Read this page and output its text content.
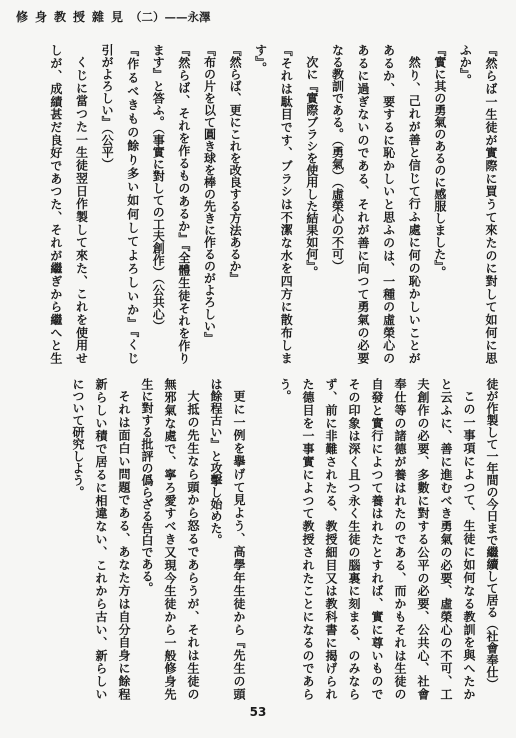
修身教授雜見（二）——永澤
『然らば一生徒が實際に買うて來たのに對して如何に思
ふか』。
『實に其の勇氣のあるのに感服しました』。
然り、己れが善と信じて行ふ處に何の恥かしいことが
あるか、要するに恥かしいと思ふのは、一種の虛榮心の
あるに過ぎないのである、それが善に向つて勇氣の必要
なる教訓である。（勇氣）（虛榮心の不可）
次に『實際ブラシを使用した結果如何』。
『それは駄目です、ブラシは不潔な水を四方に散布しま
す』。
『然らば、更にこれを改良する方法あるか』
『布の片を以て圓き球を棒の先きに作るのがよろしい』
『然らば、それを作るものあるか』『全體生徒それを作り
ます』と答ふ。（事實に對しての工夫創作）（公共心）
『作るべきもの餘り多い如何してよろしいか』『くじ
引がよろしい』（公平）
くじに當つた一生徒翌日作製して來た、これを使用せ
しが、成績甚だ良好であつた、それが繼ぎから繼へと生
徒が作製して一年間の今日まで繼續して居る（社會奉仕）
この一事項によつて、生徒に如何なる教訓を與へたか
と云ふに、善に進むべき勇氣の必要、虛榮心の不可、工
夫創作の必要、多數に對する公平の必要、公共心、社會
奉仕等の諸德が養はれたのである、而かもそれは生徒の
自發と實行によつて養はれたとすれば、實に尊いもので
その印象は深く且つ永く生徒の腦裏に刻まる、のみなら
ず、前に非難されたる、教授細目又は教科書に揭げられ
た德目を一事實によつて教授されたことになるのであら
う。
更に一例を擧げて見よう、高學年生徒から『先生の頭
は餘程古い』と攻擊し始めた。
大抵の先生なら頭から怒るであらうが、それは生徒の
無邪氣な處で、寧ろ愛すべき又現今生徒から一般修身先
生に對する批評の僞らざる告白である。
それは面白い問題である、あなた方は自分自身に餘程
新らしい積で居るに相違ない、これから古い、新らしい
について研究しよう。
53
